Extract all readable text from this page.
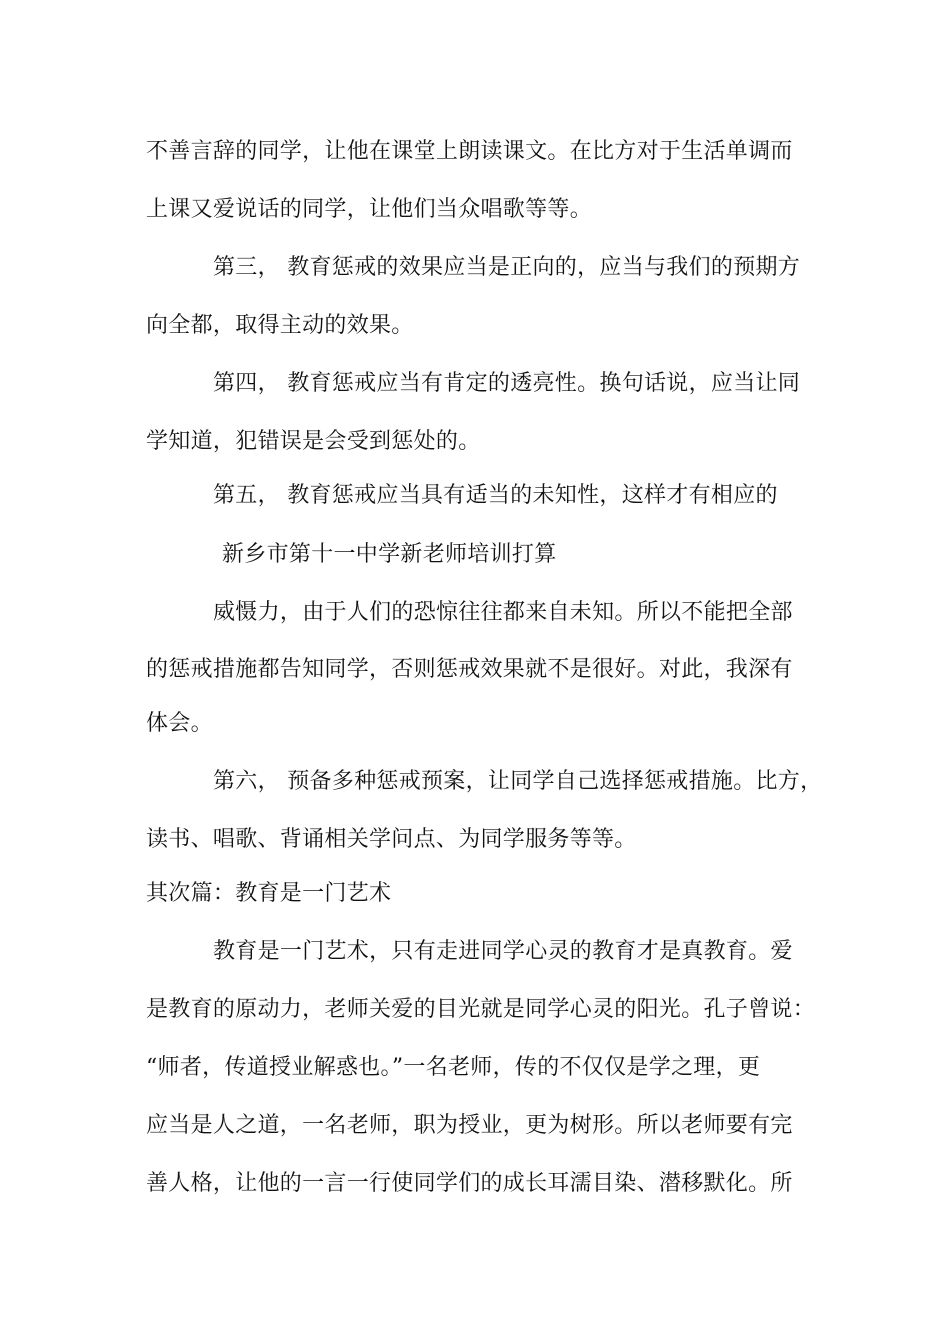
不善言辞的同学，让他在课堂上朗读课文。在比方对于生活单调而
上课又爱说话的同学，让他们当众唱歌等等。
第三， 教育惩戒的效果应当是正向的，应当与我们的预期方
向全都，取得主动的效果。
第四， 教育惩戒应当有肯定的透亮性。换句话说，应当让同
学知道，犯错误是会受到惩处的。
第五， 教育惩戒应当具有适当的未知性，这样才有相应的
新乡市第十一中学新老师培训打算
威慑力，由于人们的恐惊往往都来自未知。所以不能把全部
的惩戒措施都告知同学，否则惩戒效果就不是很好。对此，我深有
体会。
第六， 预备多种惩戒预案，让同学自己选择惩戒措施。比方，
读书、唱歌、背诵相关学问点、为同学服务等等。
其次篇：教育是一门艺术
教育是一门艺术，只有走进同学心灵的教育才是真教育。爱
是教育的原动力，老师关爱的目光就是同学心灵的阳光。孔子曾说：
“师者，传道授业解惑也。”一名老师，传的不仅仅是学之理，更
应当是人之道，一名老师，职为授业，更为树形。所以老师要有完
善人格，让他的一言一行使同学们的成长耳濡目染、潜移默化。所
